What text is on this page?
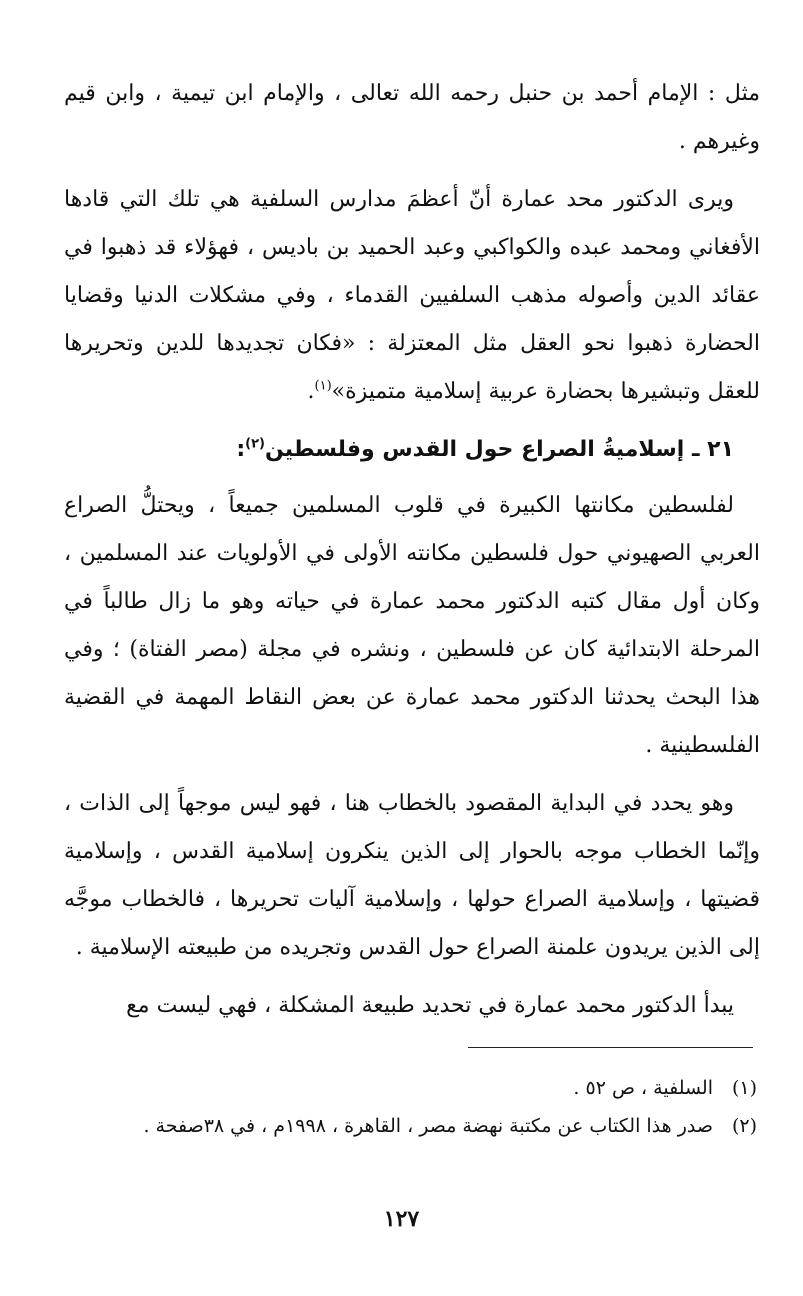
مثل : الإمام أحمد بن حنبل رحمه الله تعالى ، والإمام ابن تيمية ، وابن قيم وغيرهم .

ويرى الدكتور محد عمارة أنّ أعظمَ مدارس السلفية هي تلك التي قادها الأفغاني ومحمد عبده والكواكبي وعبد الحميد بن باديس ، فهؤلاء قد ذهبوا في عقائد الدين وأصوله مذهب السلفيين القدماء ، وفي مشكلات الدنيا وقضايا الحضارة ذهبوا نحو العقل مثل المعتزلة : «فكان تجديدها للدين وتحريرها للعقل وتبشيرها بحضارة عربية إسلامية متميزة»$^{(١)}$.

٢١ ـ إسلاميةُ الصراع حول القدس وفلسطين$^{(٢)}$:

لفلسطين مكانتها الكبيرة في قلوب المسلمين جميعاً ، ويحتلُّ الصراع العربي الصهيوني حول فلسطين مكانته الأولى في الأولويات عند المسلمين ، وكان أول مقال كتبه الدكتور محمد عمارة في حياته وهو ما زال طالباً في المرحلة الابتدائية كان عن فلسطين ، ونشره في مجلة (مصر الفتاة) ؛ وفي هذا البحث يحدثنا الدكتور محمد عمارة عن بعض النقاط المهمة في القضية الفلسطينية .

وهو يحدد في البداية المقصود بالخطاب هنا ، فهو ليس موجهاً إلى الذات ، وإنّما الخطاب موجه بالحوار إلى الذين ينكرون إسلامية القدس ، وإسلامية قضيتها ، وإسلامية الصراع حولها ، وإسلامية آليات تحريرها ، فالخطاب موجَّه إلى الذين يريدون علمنة الصراع حول القدس وتجريده من طبيعته الإسلامية .

يبدأ الدكتور محمد عمارة في تحديد طبيعة المشكلة ، فهي ليست مع

(١)
السلفية ، ص ٥٢ .
(٢)
صدر هذا الكتاب عن مكتبة نهضة مصر ، القاهرة ، ١٩٩٨م ، في ٣٨صفحة .
١٢٧
